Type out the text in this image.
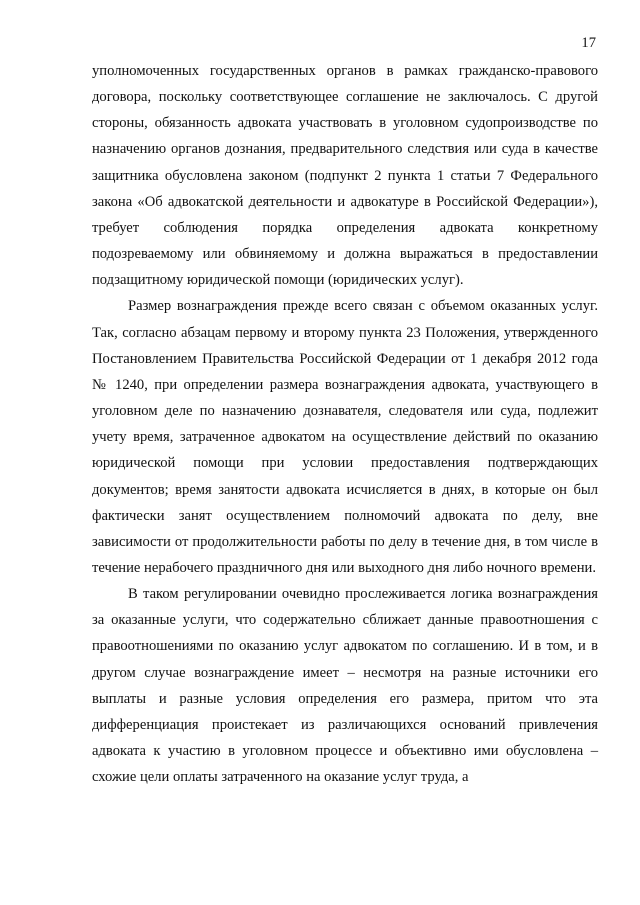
17

уполномоченных государственных органов в рамках гражданско-правового договора, поскольку соответствующее соглашение не заключалось. С другой стороны, обязанность адвоката участвовать в уголовном судопроизводстве по назначению органов дознания, предварительного следствия или суда в качестве защитника обусловлена законом (подпункт 2 пункта 1 статьи 7 Федерального закона «Об адвокатской деятельности и адвокатуре в Российской Федерации»), требует соблюдения порядка определения адвоката конкретному подозреваемому или обвиняемому и должна выражаться в предоставлении подзащитному юридической помощи (юридических услуг).

Размер вознаграждения прежде всего связан с объемом оказанных услуг. Так, согласно абзацам первому и второму пункта 23 Положения, утвержденного Постановлением Правительства Российской Федерации от 1 декабря 2012 года № 1240, при определении размера вознаграждения адвоката, участвующего в уголовном деле по назначению дознавателя, следователя или суда, подлежит учету время, затраченное адвокатом на осуществление действий по оказанию юридической помощи при условии предоставления подтверждающих документов; время занятости адвоката исчисляется в днях, в которые он был фактически занят осуществлением полномочий адвоката по делу, вне зависимости от продолжительности работы по делу в течение дня, в том числе в течение нерабочего праздничного дня или выходного дня либо ночного времени.

В таком регулировании очевидно прослеживается логика вознаграждения за оказанные услуги, что содержательно сближает данные правоотношения с правоотношениями по оказанию услуг адвокатом по соглашению. И в том, и в другом случае вознаграждение имеет – несмотря на разные источники его выплаты и разные условия определения его размера, притом что эта дифференциация проистекает из различающихся оснований привлечения адвоката к участию в уголовном процессе и объективно ими обусловлена – схожие цели оплаты затраченного на оказание услуг труда, а
